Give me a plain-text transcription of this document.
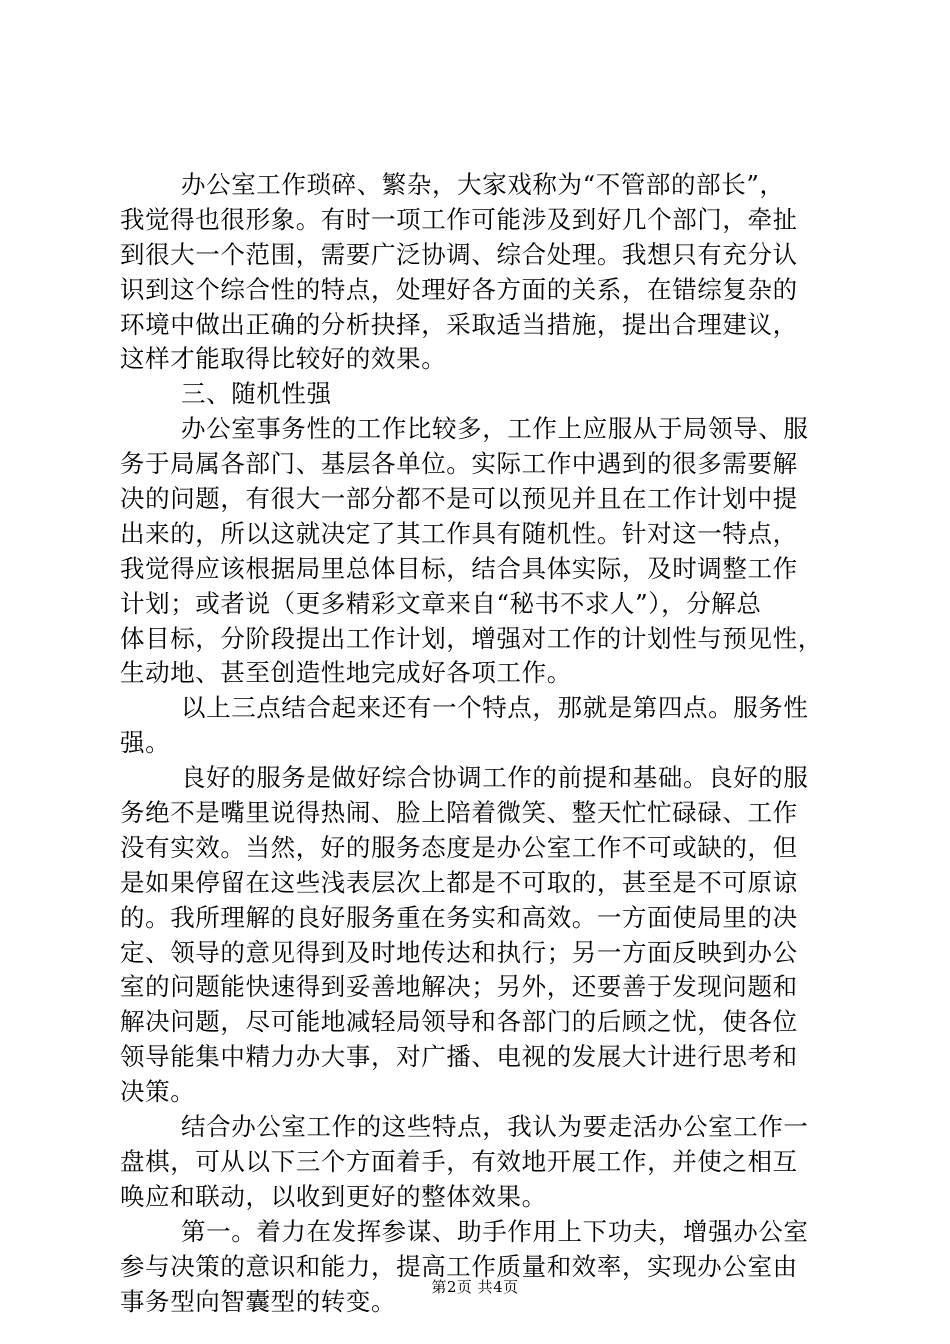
办公室工作琐碎、繁杂，大家戏称为“不管部的部长”，
我觉得也很形象。有时一项工作可能涉及到好几个部门，牵扯
到很大一个范围，需要广泛协调、综合处理。我想只有充分认
识到这个综合性的特点，处理好各方面的关系，在错综复杂的
环境中做出正确的分析抉择，采取适当措施，提出合理建议，
这样才能取得比较好的效果。
三、随机性强
办公室事务性的工作比较多，工作上应服从于局领导、服
务于局属各部门、基层各单位。实际工作中遇到的很多需要解
决的问题，有很大一部分都不是可以预见并且在工作计划中提
出来的，所以这就决定了其工作具有随机性。针对这一特点，
我觉得应该根据局里总体目标，结合具体实际，及时调整工作
计划；或者说（更多精彩文章来自“秘书不求人”），分解总
体目标，分阶段提出工作计划，增强对工作的计划性与预见性，
生动地、甚至创造性地完成好各项工作。
以上三点结合起来还有一个特点，那就是第四点。服务性
强。
良好的服务是做好综合协调工作的前提和基础。良好的服
务绝不是嘴里说得热闹、脸上陪着微笑、整天忙忙碌碌、工作
没有实效。当然，好的服务态度是办公室工作不可或缺的，但
是如果停留在这些浅表层次上都是不可取的，甚至是不可原谅
的。我所理解的良好服务重在务实和高效。一方面使局里的决
定、领导的意见得到及时地传达和执行；另一方面反映到办公
室的问题能快速得到妥善地解决；另外，还要善于发现问题和
解决问题，尽可能地减轻局领导和各部门的后顾之忧，使各位
领导能集中精力办大事，对广播、电视的发展大计进行思考和
决策。
结合办公室工作的这些特点，我认为要走活办公室工作一
盘棋，可从以下三个方面着手，有效地开展工作，并使之相互
唤应和联动，以收到更好的整体效果。
第一。着力在发挥参谋、助手作用上下功夫，增强办公室
参与决策的意识和能力，提高工作质量和效率，实现办公室由
事务型向智囊型的转变。	第2页 共4页
